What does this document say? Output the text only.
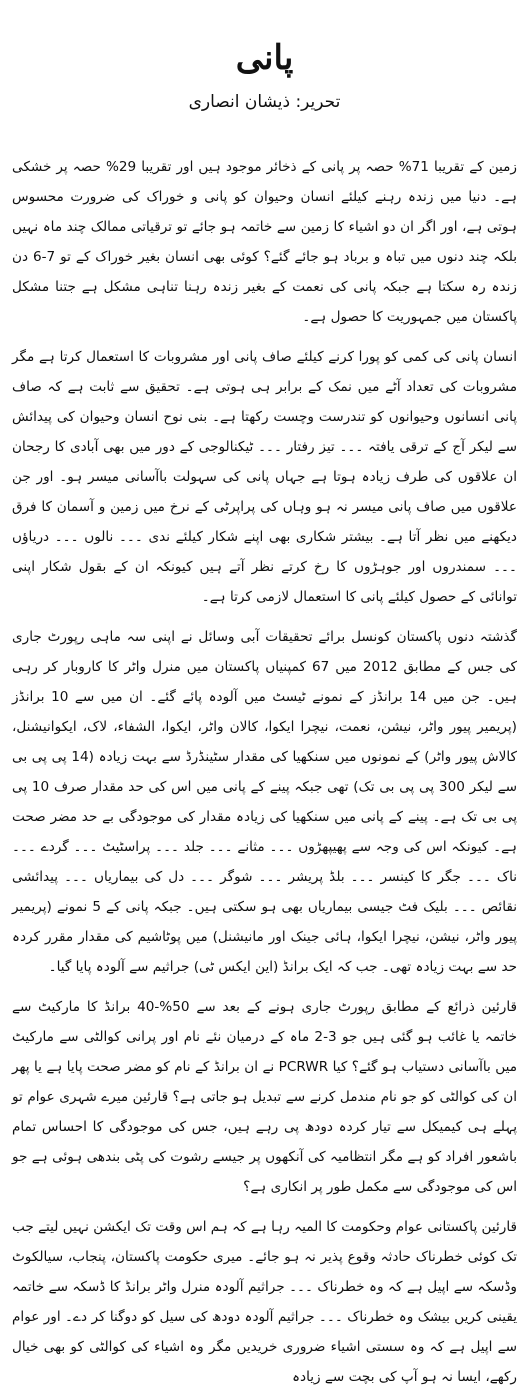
پانی
تحریر: ذیشان انصاری

زمین کے تقریبا 71% حصہ پر پانی کے ذخائر موجود ہیں اور تقریبا 29% حصہ پر خشکی ہے۔ دنیا میں زندہ رہنے کیلئے انسان وحیوان کو پانی و خوراک کی ضرورت محسوس ہوتی ہے، اور اگر ان دو اشیاء کا زمین سے خاتمہ ہو جائے تو ترقیاتی ممالک چند ماہ نہیں بلکہ چند دنوں میں تباہ و برباد ہو جائے گئے؟ کوئی بھی انسان بغیر خوراک کے تو 7-6 دن زندہ رہ سکتا ہے جبکہ پانی کی نعمت کے بغیر زندہ رہنا تناہی مشکل ہے جتنا مشکل پاکستان میں جمہوریت کا حصول ہے۔

انسان پانی کی کمی کو پورا کرنے کیلئے صاف پانی اور مشروبات کا استعمال کرتا ہے مگر مشروبات کی تعداد آٹے میں نمک کے برابر ہی ہوتی ہے۔ تحقیق سے ثابت ہے کہ صاف پانی انسانوں وحیوانوں کو تندرست وچست رکھتا ہے۔ بنی نوح انسان وحیوان کی پیدائش سے لیکر آج کے ترقی یافتہ ۔۔۔ تیز رفتار ۔۔۔ ٹیکنالوجی کے دور میں بھی آبادی کا رجحان ان علاقوں کی طرف زیادہ ہوتا ہے جہاں پانی کی سہولت باآسانی میسر ہو۔ اور جن علاقوں میں صاف پانی میسر نہ ہو وہاں کی پراپرٹی کے نرخ میں زمین و آسمان کا فرق دیکھنے میں نظر آتا ہے۔ بیشتر شکاری بھی اپنے شکار کیلئے ندی ۔۔۔ نالوں ۔۔۔ دریاؤں ۔۔۔ سمندروں اور جوہڑوں کا رخ کرتے نظر آتے ہیں کیونکہ ان کے بقول شکار اپنی توانائی کے حصول کیلئے پانی کا استعمال لازمی کرتا ہے۔

گذشتہ دنوں پاکستان کونسل برائے تحقیقات آبی وسائل نے اپنی سہ ماہی رپورٹ جاری کی جس کے مطابق 2012 میں 67 کمپنیاں پاکستان میں منرل واٹر کا کاروبار کر رہی ہیں۔ جن میں 14 برانڈز کے نمونے ٹیسٹ میں آلودہ پائے گئے۔ ان میں سے 10 برانڈز (پریمیر پیور واٹر، نیشن، نعمت، نیچرا ایکوا، کالان واٹر، ایکوا، الشفاء، لاک، ایکوانیشنل، کالاش پیور واٹر) کے نمونوں میں سنکھیا کی مقدار سٹینڈرڈ سے بہت زیادہ (14 پی پی بی سے لیکر 300 پی پی بی تک) تھی جبکہ پینے کے پانی میں اس کی حد مقدار صرف 10 پی پی بی تک ہے۔ پینے کے پانی میں سنکھیا کی زیادہ مقدار کی موجودگی بے حد مضر صحت ہے۔ کیونکہ اس کی وجہ سے پھیپھڑوں ۔۔۔ مثانے ۔۔۔ جلد ۔۔۔ پراسٹیٹ ۔۔۔ گردے ۔۔۔ ناک ۔۔۔ جگر کا کینسر ۔۔۔ بلڈ پریشر ۔۔۔ شوگر ۔۔۔ دل کی بیماریاں ۔۔۔ پیدائشی نقائص ۔۔۔ بلیک فٹ جیسی بیماریاں بھی ہو سکتی ہیں۔ جبکہ پانی کے 5 نمونے (پریمیر پیور واٹر، نیشن، نیچرا ایکوا، ہائی جینک اور مانیشنل) میں پوٹاشیم کی مقدار مقرر کردہ حد سے بہت زیادہ تھی۔ جب کہ ایک برانڈ (این ایکس ٹی) جراثیم سے آلودہ پایا گیا۔

قارئین ذرائع کے مطابق رپورٹ جاری ہونے کے بعد سے 50%-40 برانڈ کا مارکیٹ سے خاتمہ یا غائب ہو گئی ہیں جو 3-2 ماہ کے درمیان نئے نام اور پرانی کوالٹی سے مارکیٹ میں باآسانی دستیاب ہو گئے؟ کیا PCRWR نے ان برانڈ کے نام کو مضر صحت پایا ہے یا پھر ان کی کوالٹی کو جو نام مندمل کرنے سے تبدیل ہو جاتی ہے؟ قارئین میرے شہری عوام تو پہلے ہی کیمیکل سے تیار کردہ دودھ پی رہے ہیں، جس کی موجودگی کا احساس تمام باشعور افراد کو ہے مگر انتظامیہ کی آنکھوں پر جیسے رشوت کی پٹی بندھی ہوئی ہے جو اس کی موجودگی سے مکمل طور پر انکاری ہے؟

قارئین پاکستانی عوام وحکومت کا المیہ رہا ہے کہ ہم اس وقت تک ایکشن نہیں لیتے جب تک کوئی خطرناک حادثہ وقوع پذیر نہ ہو جائے۔ میری حکومت پاکستان، پنجاب، سیالکوٹ وڈسکہ سے اپیل ہے کہ وہ خطرناک ۔۔۔ جراثیم آلودہ منرل واٹر برانڈ کا ڈسکہ سے خاتمہ یقینی کریں بیشک وہ خطرناک ۔۔۔ جراثیم آلودہ دودھ کی سیل کو دوگنا کر دے۔ اور عوام سے اپیل ہے کہ وہ سستی اشیاء ضروری خریدیں مگر وہ اشیاء کی کوالٹی کو بھی خیال رکھے، ایسا نہ ہو آپ کی بچت سے زیادہ
